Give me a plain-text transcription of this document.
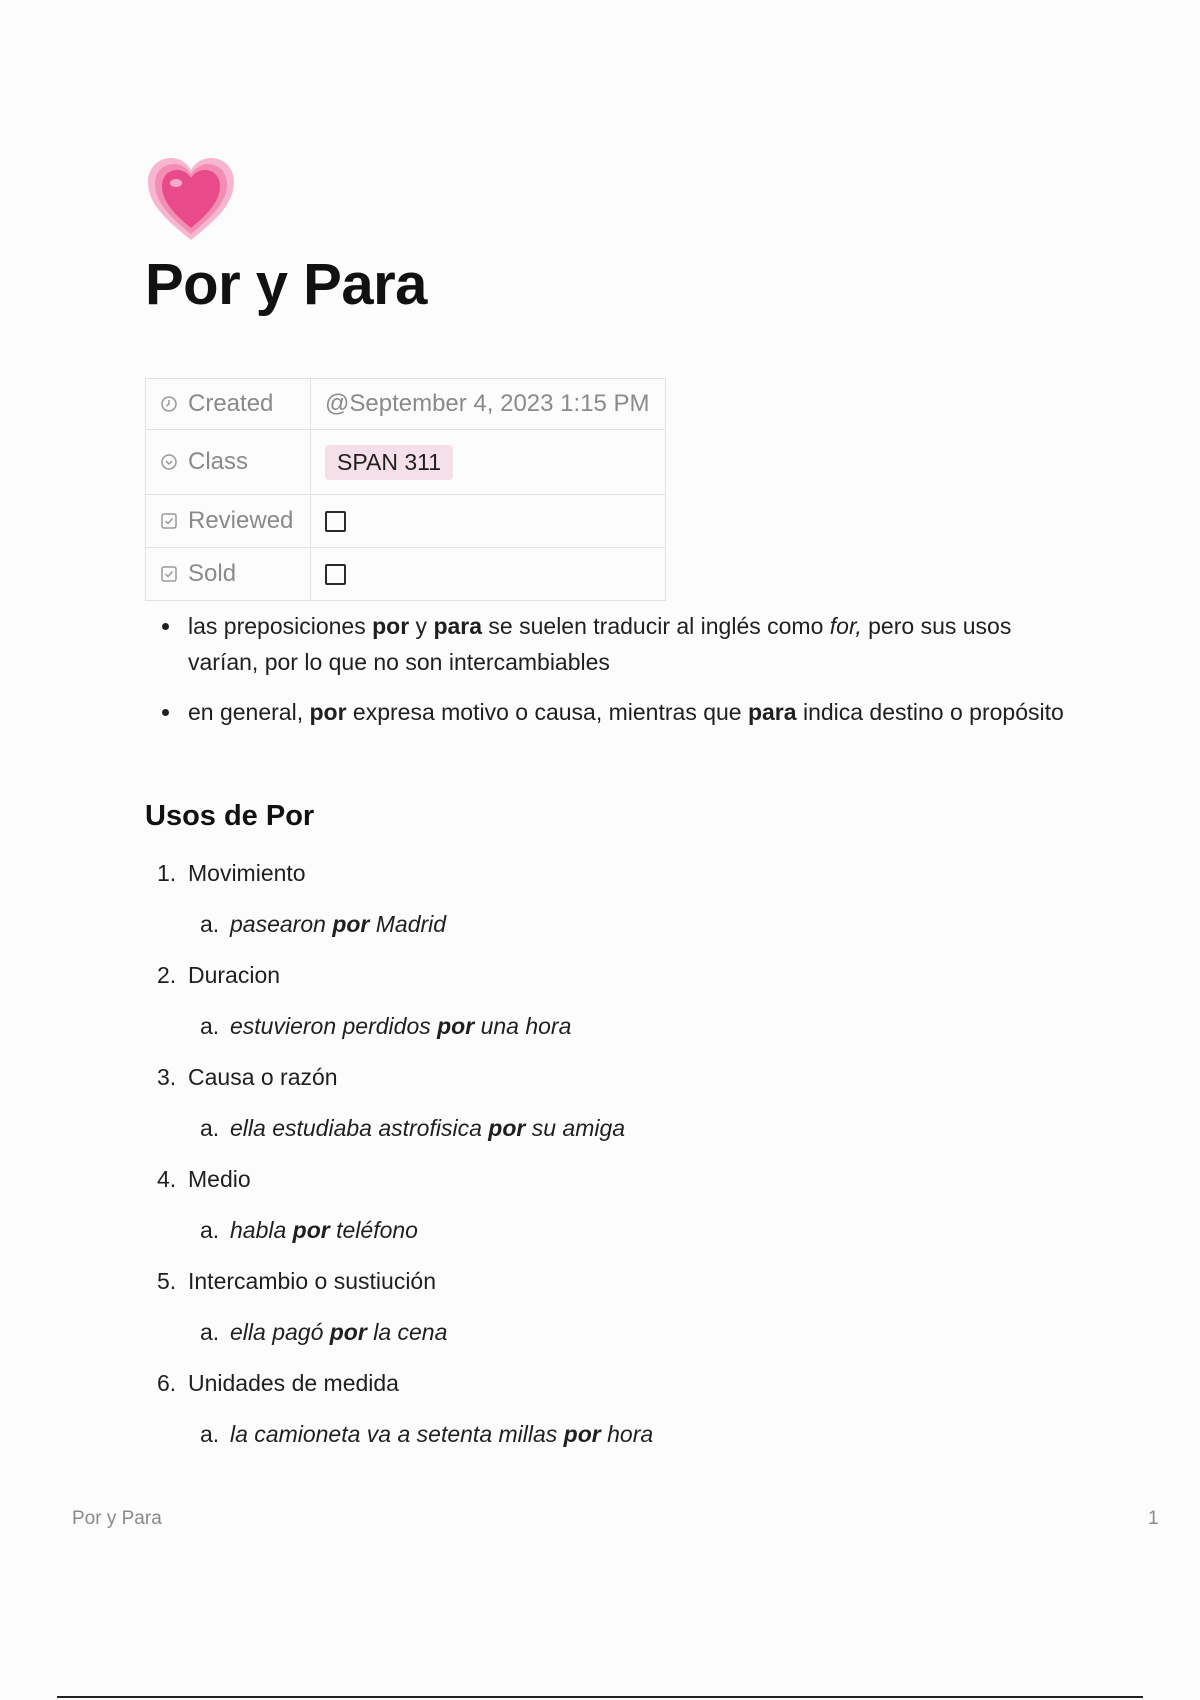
Por y Para
Created	@September 4, 2023 1:15 PM

Class	SPAN 311

Reviewed	

Sold	

las preposiciones por y para se suelen traducir al inglés como for, pero sus usos varían, por lo que no son intercambiables
en general, por expresa motivo o causa, mientras que para indica destino o propósito
Usos de Por
1. Movimiento
a. pasearon por Madrid
2. Duracion
a. estuvieron perdidos por una hora
3. Causa o razón
a. ella estudiaba astrofisica por su amiga
4. Medio
a. habla por teléfono
5. Intercambio o sustiución
a. ella pagó por la cena
6. Unidades de medida
a. la camioneta va a setenta millas por hora
Por y Para	1
